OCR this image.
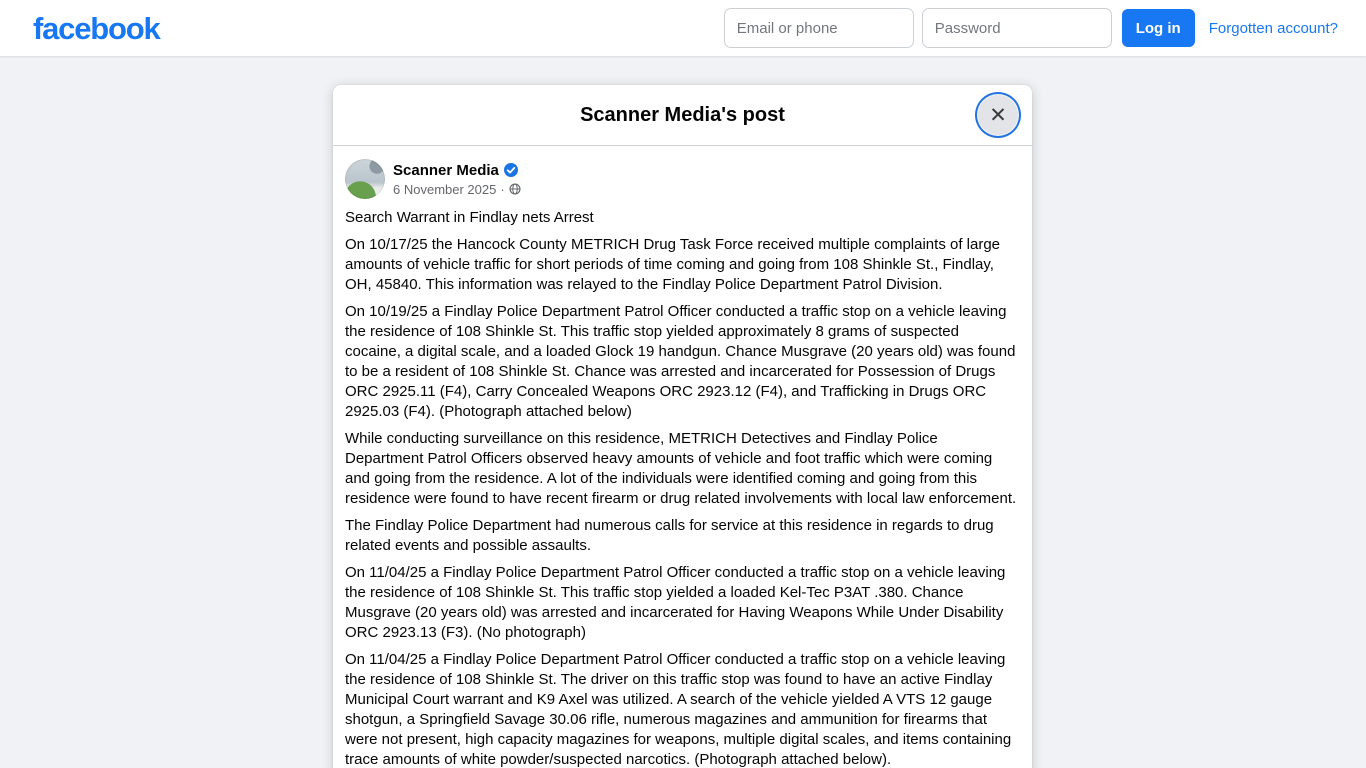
facebook
Email or phone	Log in	Forgotten account?
Scanner Media's post	✕
Scanner Media
6 November 2025 ·

Search Warrant in Findlay nets Arrest

On 10/17/25 the Hancock County METRICH Drug Task Force received multiple complaints of large amounts of vehicle traffic for short periods of time coming and going from 108 Shinkle St., Findlay, OH, 45840. This information was relayed to the Findlay Police Department Patrol Division.

On 10/19/25 a Findlay Police Department Patrol Officer conducted a traffic stop on a vehicle leaving the residence of 108 Shinkle St. This traffic stop yielded approximately 8 grams of suspected cocaine, a digital scale, and a loaded Glock 19 handgun. Chance Musgrave (20 years old) was found to be a resident of 108 Shinkle St. Chance was arrested and incarcerated for Possession of Drugs ORC 2925.11 (F4), Carry Concealed Weapons ORC 2923.12 (F4), and Trafficking in Drugs ORC 2925.03 (F4). (Photograph attached below)

While conducting surveillance on this residence, METRICH Detectives and Findlay Police Department Patrol Officers observed heavy amounts of vehicle and foot traffic which were coming and going from the residence. A lot of the individuals were identified coming and going from this residence were found to have recent firearm or drug related involvements with local law enforcement.

The Findlay Police Department had numerous calls for service at this residence in regards to drug related events and possible assaults.

On 11/04/25 a Findlay Police Department Patrol Officer conducted a traffic stop on a vehicle leaving the residence of 108 Shinkle St. This traffic stop yielded a loaded Kel-Tec P3AT .380. Chance Musgrave (20 years old) was arrested and incarcerated for Having Weapons While Under Disability ORC 2923.13 (F3). (No photograph)

On 11/04/25 a Findlay Police Department Patrol Officer conducted a traffic stop on a vehicle leaving the residence of 108 Shinkle St. The driver on this traffic stop was found to have an active Findlay Municipal Court warrant and K9 Axel was utilized. A search of the vehicle yielded A VTS 12 gauge shotgun, a Springfield Savage 30.06 rifle, numerous magazines and ammunition for firearms that were not present, high capacity magazines for weapons, multiple digital scales, and items containing trace amounts of white powder/suspected narcotics. (Photograph attached below).
